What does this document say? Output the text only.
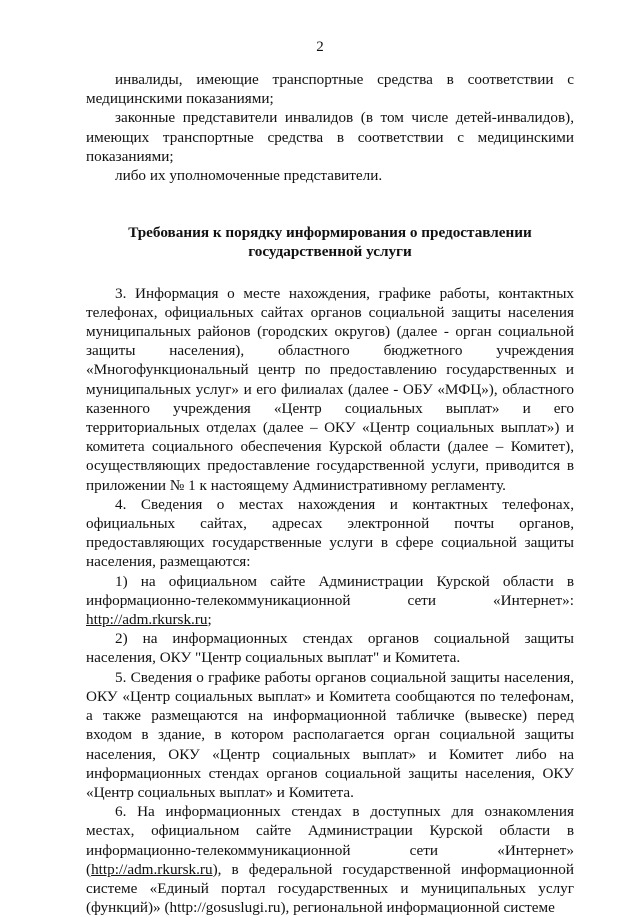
2

инвалиды, имеющие транспортные средства в соответствии с медицинскими показаниями;

законные представители инвалидов (в том числе детей-инвалидов), имеющих транспортные средства в соответствии с медицинскими показаниями;

либо их уполномоченные представители.

Требования к порядку информирования о предоставлении
государственной услуги

3. Информация о месте нахождения, графике работы, контактных телефонах, официальных сайтах органов социальной защиты населения муниципальных районов (городских округов) (далее - орган социальной защиты населения), областного бюджетного учреждения «Многофункциональный центр по предоставлению государственных и муниципальных услуг» и его филиалах (далее - ОБУ «МФЦ»), областного казенного учреждения «Центр социальных выплат» и его территориальных отделах (далее – ОКУ «Центр социальных выплат») и комитета социального обеспечения Курской области (далее – Комитет), осуществляющих предоставление государственной услуги, приводится в приложении № 1 к настоящему Административному регламенту.

4. Сведения о местах нахождения и контактных телефонах, официальных сайтах, адресах электронной почты органов, предоставляющих государственные услуги в сфере социальной защиты населения, размещаются:

1) на официальном сайте Администрации Курской области в информационно-телекоммуникационной сети «Интернет»: http://adm.rkursk.ru;

2) на информационных стендах органов социальной защиты населения, ОКУ "Центр социальных выплат" и Комитета.

5. Сведения о графике работы органов социальной защиты населения, ОКУ «Центр социальных выплат» и Комитета сообщаются по телефонам, а также размещаются на информационной табличке (вывеске) перед входом в здание, в котором располагается орган социальной защиты населения, ОКУ «Центр социальных выплат» и Комитет либо на информационных стендах органов социальной защиты населения, ОКУ «Центр социальных выплат» и Комитета.

6. На информационных стендах в доступных для ознакомления местах, официальном сайте Администрации Курской области в информационно-телекоммуникационной сети «Интернет» (http://adm.rkursk.ru), в федеральной государственной информационной системе «Единый портал государственных и муниципальных услуг (функций)» (http://gosuslugi.ru), региональной информационной системе
